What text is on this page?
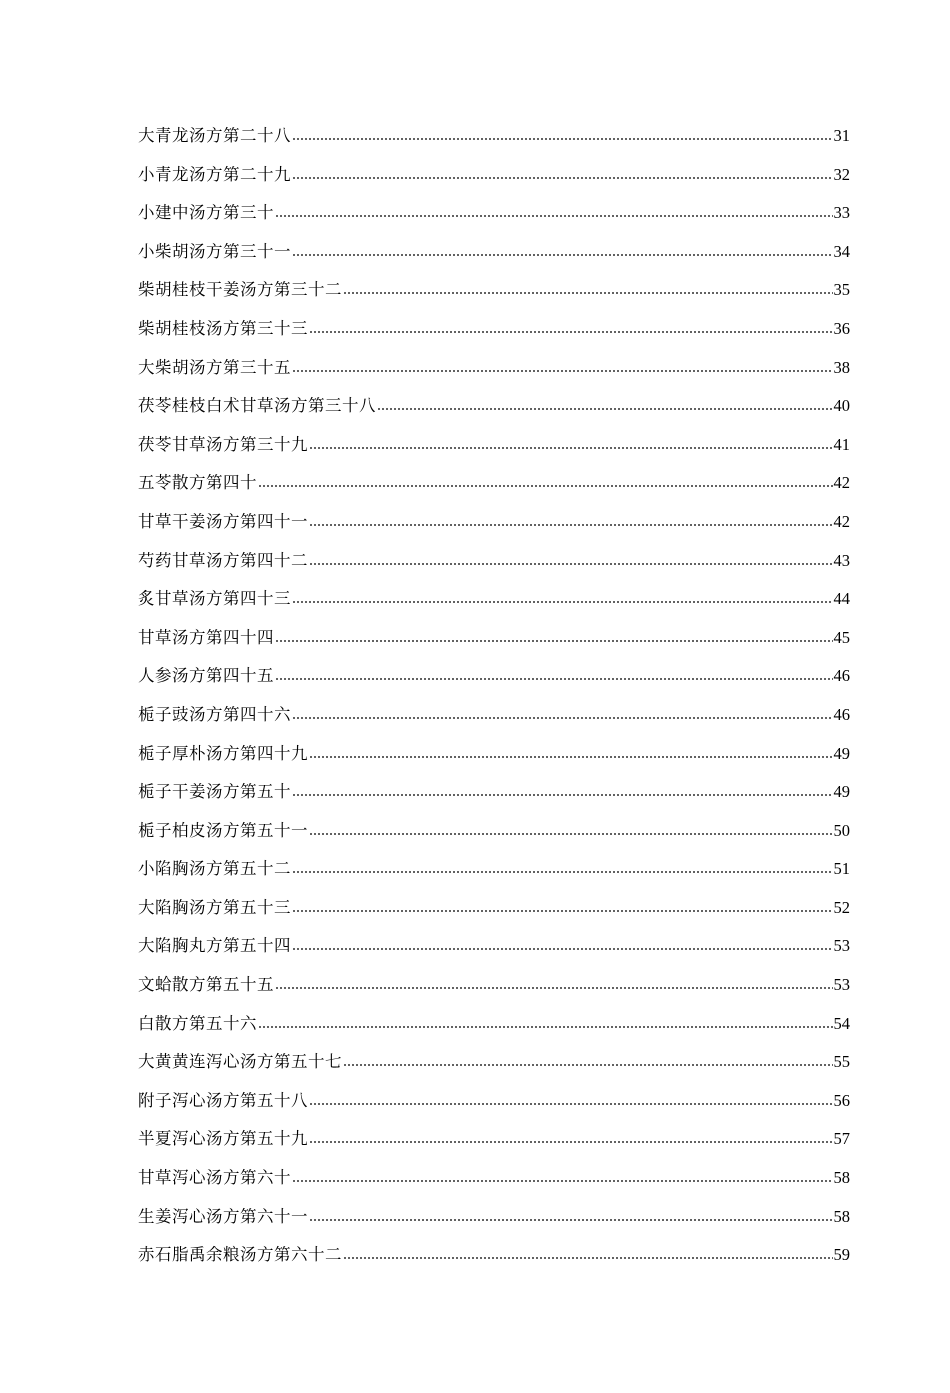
大青龙汤方第二十八	31
小青龙汤方第二十九	32
小建中汤方第三十	33
小柴胡汤方第三十一	34
柴胡桂枝干姜汤方第三十二	35
柴胡桂枝汤方第三十三	36
大柴胡汤方第三十五	38
茯苓桂枝白术甘草汤方第三十八	40
茯苓甘草汤方第三十九	41
五苓散方第四十	42
甘草干姜汤方第四十一	42
芍药甘草汤方第四十二	43
炙甘草汤方第四十三	44
甘草汤方第四十四	45
人参汤方第四十五	46
栀子豉汤方第四十六	46
栀子厚朴汤方第四十九	49
栀子干姜汤方第五十	49
栀子柏皮汤方第五十一	50
小陷胸汤方第五十二	51
大陷胸汤方第五十三	52
大陷胸丸方第五十四	53
文蛤散方第五十五	53
白散方第五十六	54
大黄黄连泻心汤方第五十七	55
附子泻心汤方第五十八	56
半夏泻心汤方第五十九	57
甘草泻心汤方第六十	58
生姜泻心汤方第六十一	58
赤石脂禹余粮汤方第六十二	59
